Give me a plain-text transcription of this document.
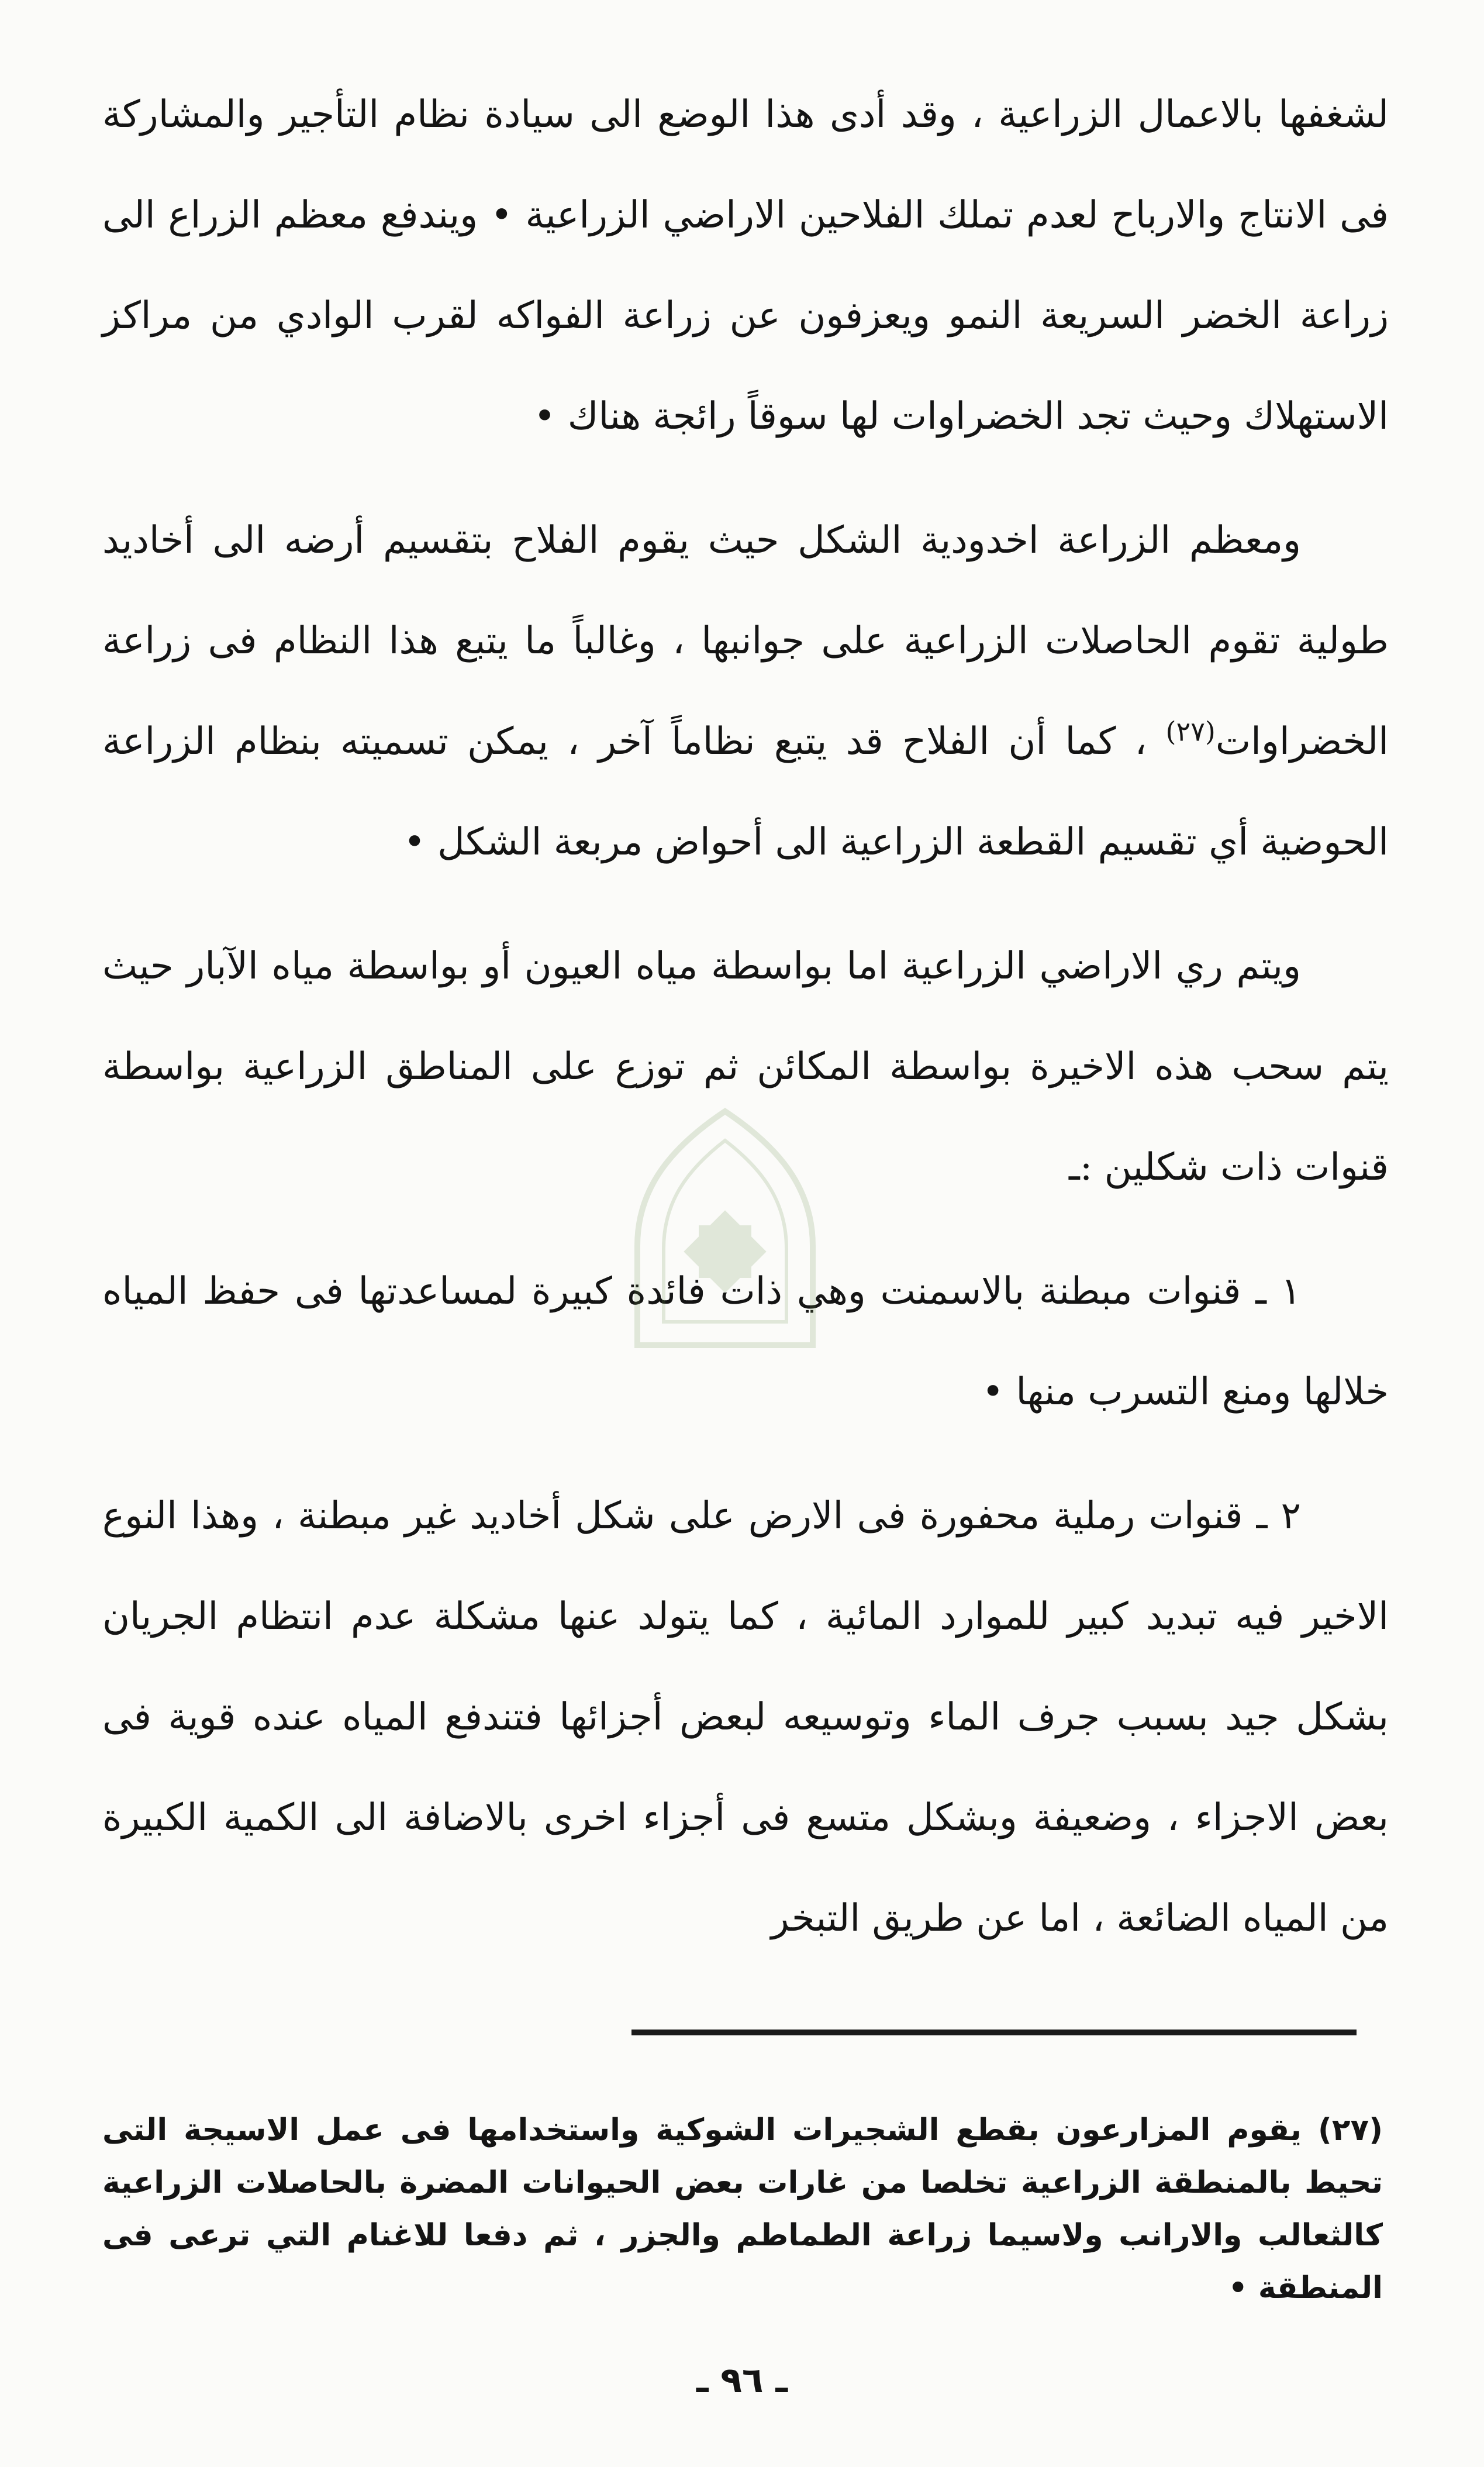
لشغفها بالاعمال الزراعية ، وقد أدى هذا الوضع الى سيادة نظام التأجير والمشاركة فى الانتاج والارباح لعدم تملك الفلاحين الاراضي الزراعية • ويندفع معظم الزراع الى زراعة الخضر السريعة النمو ويعزفون عن زراعة الفواكه لقرب الوادي من مراكز الاستهلاك وحيث تجد الخضراوات لها سوقاً رائجة هناك •

ومعظم الزراعة اخدودية الشكل حيث يقوم الفلاح بتقسيم أرضه الى أخاديد طولية تقوم الحاصلات الزراعية على جوانبها ، وغالباً ما يتبع هذا النظام فى زراعة الخضراوات$^{(٢٧)}$ ، كما أن الفلاح قد يتبع نظاماً آخر ، يمكن تسميته بنظام الزراعة الحوضية أي تقسيم القطعة الزراعية الى أحواض مربعة الشكل •

ويتم ري الاراضي الزراعية اما بواسطة مياه العيون أو بواسطة مياه الآبار حيث يتم سحب هذه الاخيرة بواسطة المكائن ثم توزع على المناطق الزراعية بواسطة قنوات ذات شكلين :ـ

١ ـ قنوات مبطنة بالاسمنت وهي ذات فائدة كبيرة لمساعدتها فى حفظ المياه خلالها ومنع التسرب منها •

٢ ـ قنوات رملية محفورة فى الارض على شكل أخاديد غير مبطنة ، وهذا النوع الاخير فيه تبديد كبير للموارد المائية ، كما يتولد عنها مشكلة عدم انتظام الجريان بشكل جيد بسبب جرف الماء وتوسيعه لبعض أجزائها فتندفع المياه عنده قوية فى بعض الاجزاء ، وضعيفة وبشكل متسع فى أجزاء اخرى بالاضافة الى الكمية الكبيرة من المياه الضائعة ، اما عن طريق التبخر

(٢٧) يقوم المزارعون بقطع الشجيرات الشوكية واستخدامها فى عمل الاسيجة التى تحيط بالمنطقة الزراعية تخلصا من غارات بعض الحيوانات المضرة بالحاصلات الزراعية كالثعالب والارانب ولاسيما زراعة الطماطم والجزر ، ثم دفعا للاغنام التي ترعى فى المنطقة •

ـ ٩٦ ـ
